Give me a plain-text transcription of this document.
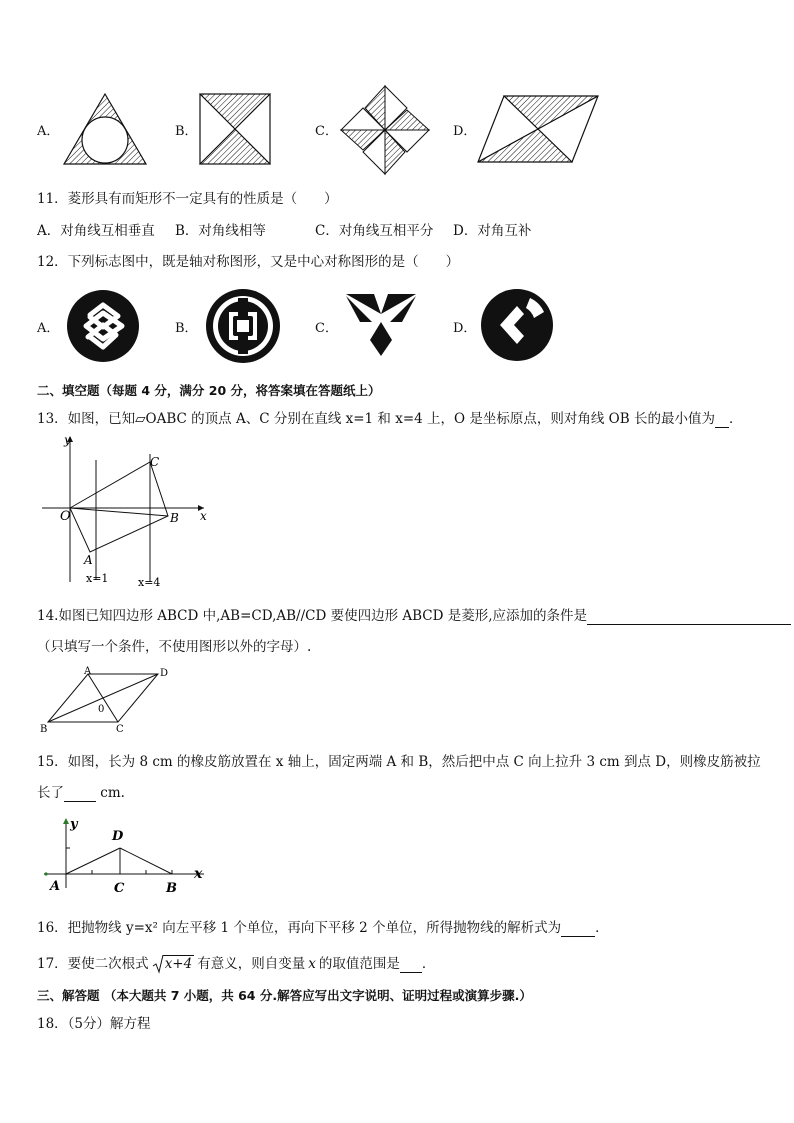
A．	B．	C．	D．
11．菱形具有而矩形不一定具有的性质是（　　）
A．对角线互相垂直 B．对角线相等	C．对角线互相平分 D．对角互补
12．下列标志图中，既是轴对称图形，又是中心对称图形的是（　　）
A．	B．	C．	D．
二、填空题（每题 4 分，满分 20 分，将答案填在答题纸上）
13．如图，已知▱OABC 的顶点 A、C 分别在直线 x=1 和 x=4 上，O 是坐标原点，则对角线 OB 长的最小值为 ．
y
x
O
A
B
C
x=1	x=4
14.如图已知四边形 ABCD 中,AB=CD,AB//CD 要使四边形 ABCD 是菱形,应添加的条件是
（只填写一个条件，不使用图形以外的字母）.
A	D
B	C
0
15．如图，长为 8 cm 的橡皮筋放置在 x 轴上，固定两端 A 和 B，然后把中点 C 向上拉升 3 cm 到点 D，则橡皮筋被拉
长了	cm.
y
x
A	C	B
D
16．把抛物线 y=x² 向左平移 1 个单位，再向下平移 2 个单位，所得抛物线的解析式为	．
17．要使二次根式 x+4 有意义，则自变量 x 的取值范围是 ．
三、解答题 （本大题共 7 小题，共 64 分.解答应写出文字说明、证明过程或演算步骤.）
18．（5分）解方程
